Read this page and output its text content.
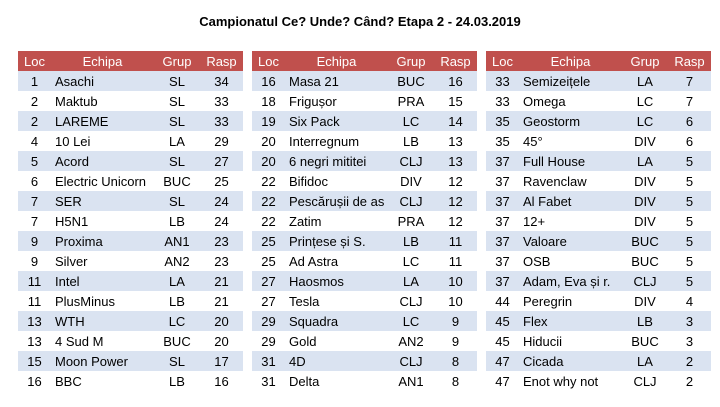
Campionatul Ce? Unde? Când? Etapa 2 - 24.03.2019
Loc	Echipa	Grup	Rasp
1	Asachi	SL	34
2	Maktub	SL	33
2	LAREME	SL	33
4	10 Lei	LA	29
5	Acord	SL	27
6	Electric Unicorn	BUC	25
7	SER	SL	24
7	H5N1	LB	24
9	Proxima	AN1	23
9	Silver	AN2	23
11	Intel	LA	21
11	PlusMinus	LB	21
13	WTH	LC	20
13	4 Sud M	BUC	20
15	Moon Power	SL	17
16	BBC	LB	16
Loc	Echipa	Grup	Rasp
16	Masa 21	BUC	16
18	Frigușor	PRA	15
19	Six Pack	LC	14
20	Interregnum	LB	13
20	6 negri mititei	CLJ	13
22	Bifidoc	DIV	12
22	Pescărușii de as	CLJ	12
22	Zatim	PRA	12
25	Prințese și S.	LB	11
25	Ad Astra	LC	11
27	Haosmos	LA	10
27	Tesla	CLJ	10
29	Squadra	LC	9
29	Gold	AN2	9
31	4D	CLJ	8
31	Delta	AN1	8
Loc	Echipa	Grup	Rasp
33	Semizeițele	LA	7
33	Omega	LC	7
35	Geostorm	LC	6
35	45°	DIV	6
37	Full House	LA	5
37	Ravenclaw	DIV	5
37	Al Fabet	DIV	5
37	12+	DIV	5
37	Valoare	BUC	5
37	OSB	BUC	5
37	Adam, Eva și r.	CLJ	5
44	Peregrin	DIV	4
45	Flex	LB	3
45	Hiducii	BUC	3
47	Cicada	LA	2
47	Enot why not	CLJ	2
